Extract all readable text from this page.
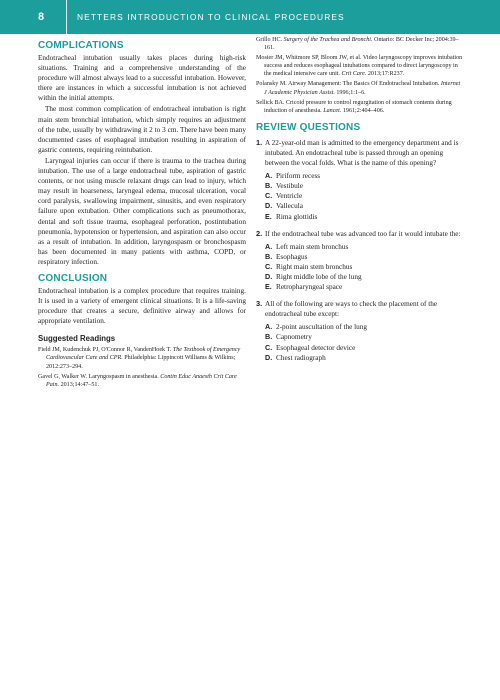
8	NETTERS INTRODUCTION TO CLINICAL PROCEDURES
COMPLICATIONS

Endotracheal intubation usually takes places during high-risk situations. Training and a comprehensive understanding of the procedure will almost always lead to a successful intubation. However, there are instances in which a successful intubation is not achieved within the initial attempts.

The most common complication of endotracheal intubation is right main stem bronchial intubation, which simply requires an adjustment of the tube, usually by withdrawing it 2 to 3 cm. There have been many documented cases of esophageal intubation resulting in aspiration of gastric contents, requiring reintubation.

Laryngeal injuries can occur if there is trauma to the trachea during intubation. The use of a large endotracheal tube, aspiration of gastric contents, or not using muscle relaxant drugs can lead to injury, which may result in hoarseness, laryngeal edema, mucosal ulceration, vocal cord paralysis, swallowing impairment, sinusitis, and even respiratory failure upon extubation. Other complications such as pneumothorax, dental and soft tissue trauma, esophageal perforation, postintubation pneumonia, hypotension or hypertension, and aspiration can also occur as a result of intubation. In addition, laryngospasm or bronchospasm has been documented in many patients with asthma, COPD, or respiratory infection.

CONCLUSION

Endotracheal intubation is a complex procedure that requires training. It is used in a variety of emergent clinical situations. It is a life-saving procedure that creates a secure, definitive airway and allows for appropriate ventilation.

Suggested Readings
Field JM, Kudenchuk PJ, O'Connor R, VandenHoek T. The Textbook of Emergency Cardiovascular Care and CPR. Philadelphia: Lippincott Williams & Wilkins; 2012:273–294.
Gavel G, Walker W. Laryngospasm in anesthesia. Contin Educ Anaesth Crit Care Pain. 2013;14:47–51.
Grillo HC. Surgery of the Trachea and Bronchi. Ontario: BC Decker Inc; 2004:39–161.
Mosier JM, Whitmore SP, Bloom JW, et al. Video laryngoscopy improves intubation success and reduces esophageal intubations compared to direct laryngoscopy in the medical intensive care unit. Crit Care. 2013;17:R237.
Polansky M. Airway Management: The Basics Of Endotracheal Intubation. Internet J Academic Physician Assist. 1996;1:1–6.
Sellick BA. Cricoid pressure to control regurgitation of stomach contents during induction of anesthesia. Lancet. 1961;2:404–406.
REVIEW QUESTIONS
1. A 22-year-old man is admitted to the emergency department and is intubated. An endotracheal tube is passed through an opening between the vocal folds. What is the name of this opening?
A. Piriform recess
B. Vestibule
C. Ventricle
D. Vallecula
E. Rima glottidis
2. If the endotracheal tube was advanced too far it would intubate the:
A. Left main stem bronchus
B. Esophagus
C. Right main stem bronchus
D. Right middle lobe of the lung
E. Retropharyngeal space
3. All of the following are ways to check the placement of the endotracheal tube except:
A. 2-point auscultation of the lung
B. Capnometry
C. Esophageal detector device
D. Chest radiograph
